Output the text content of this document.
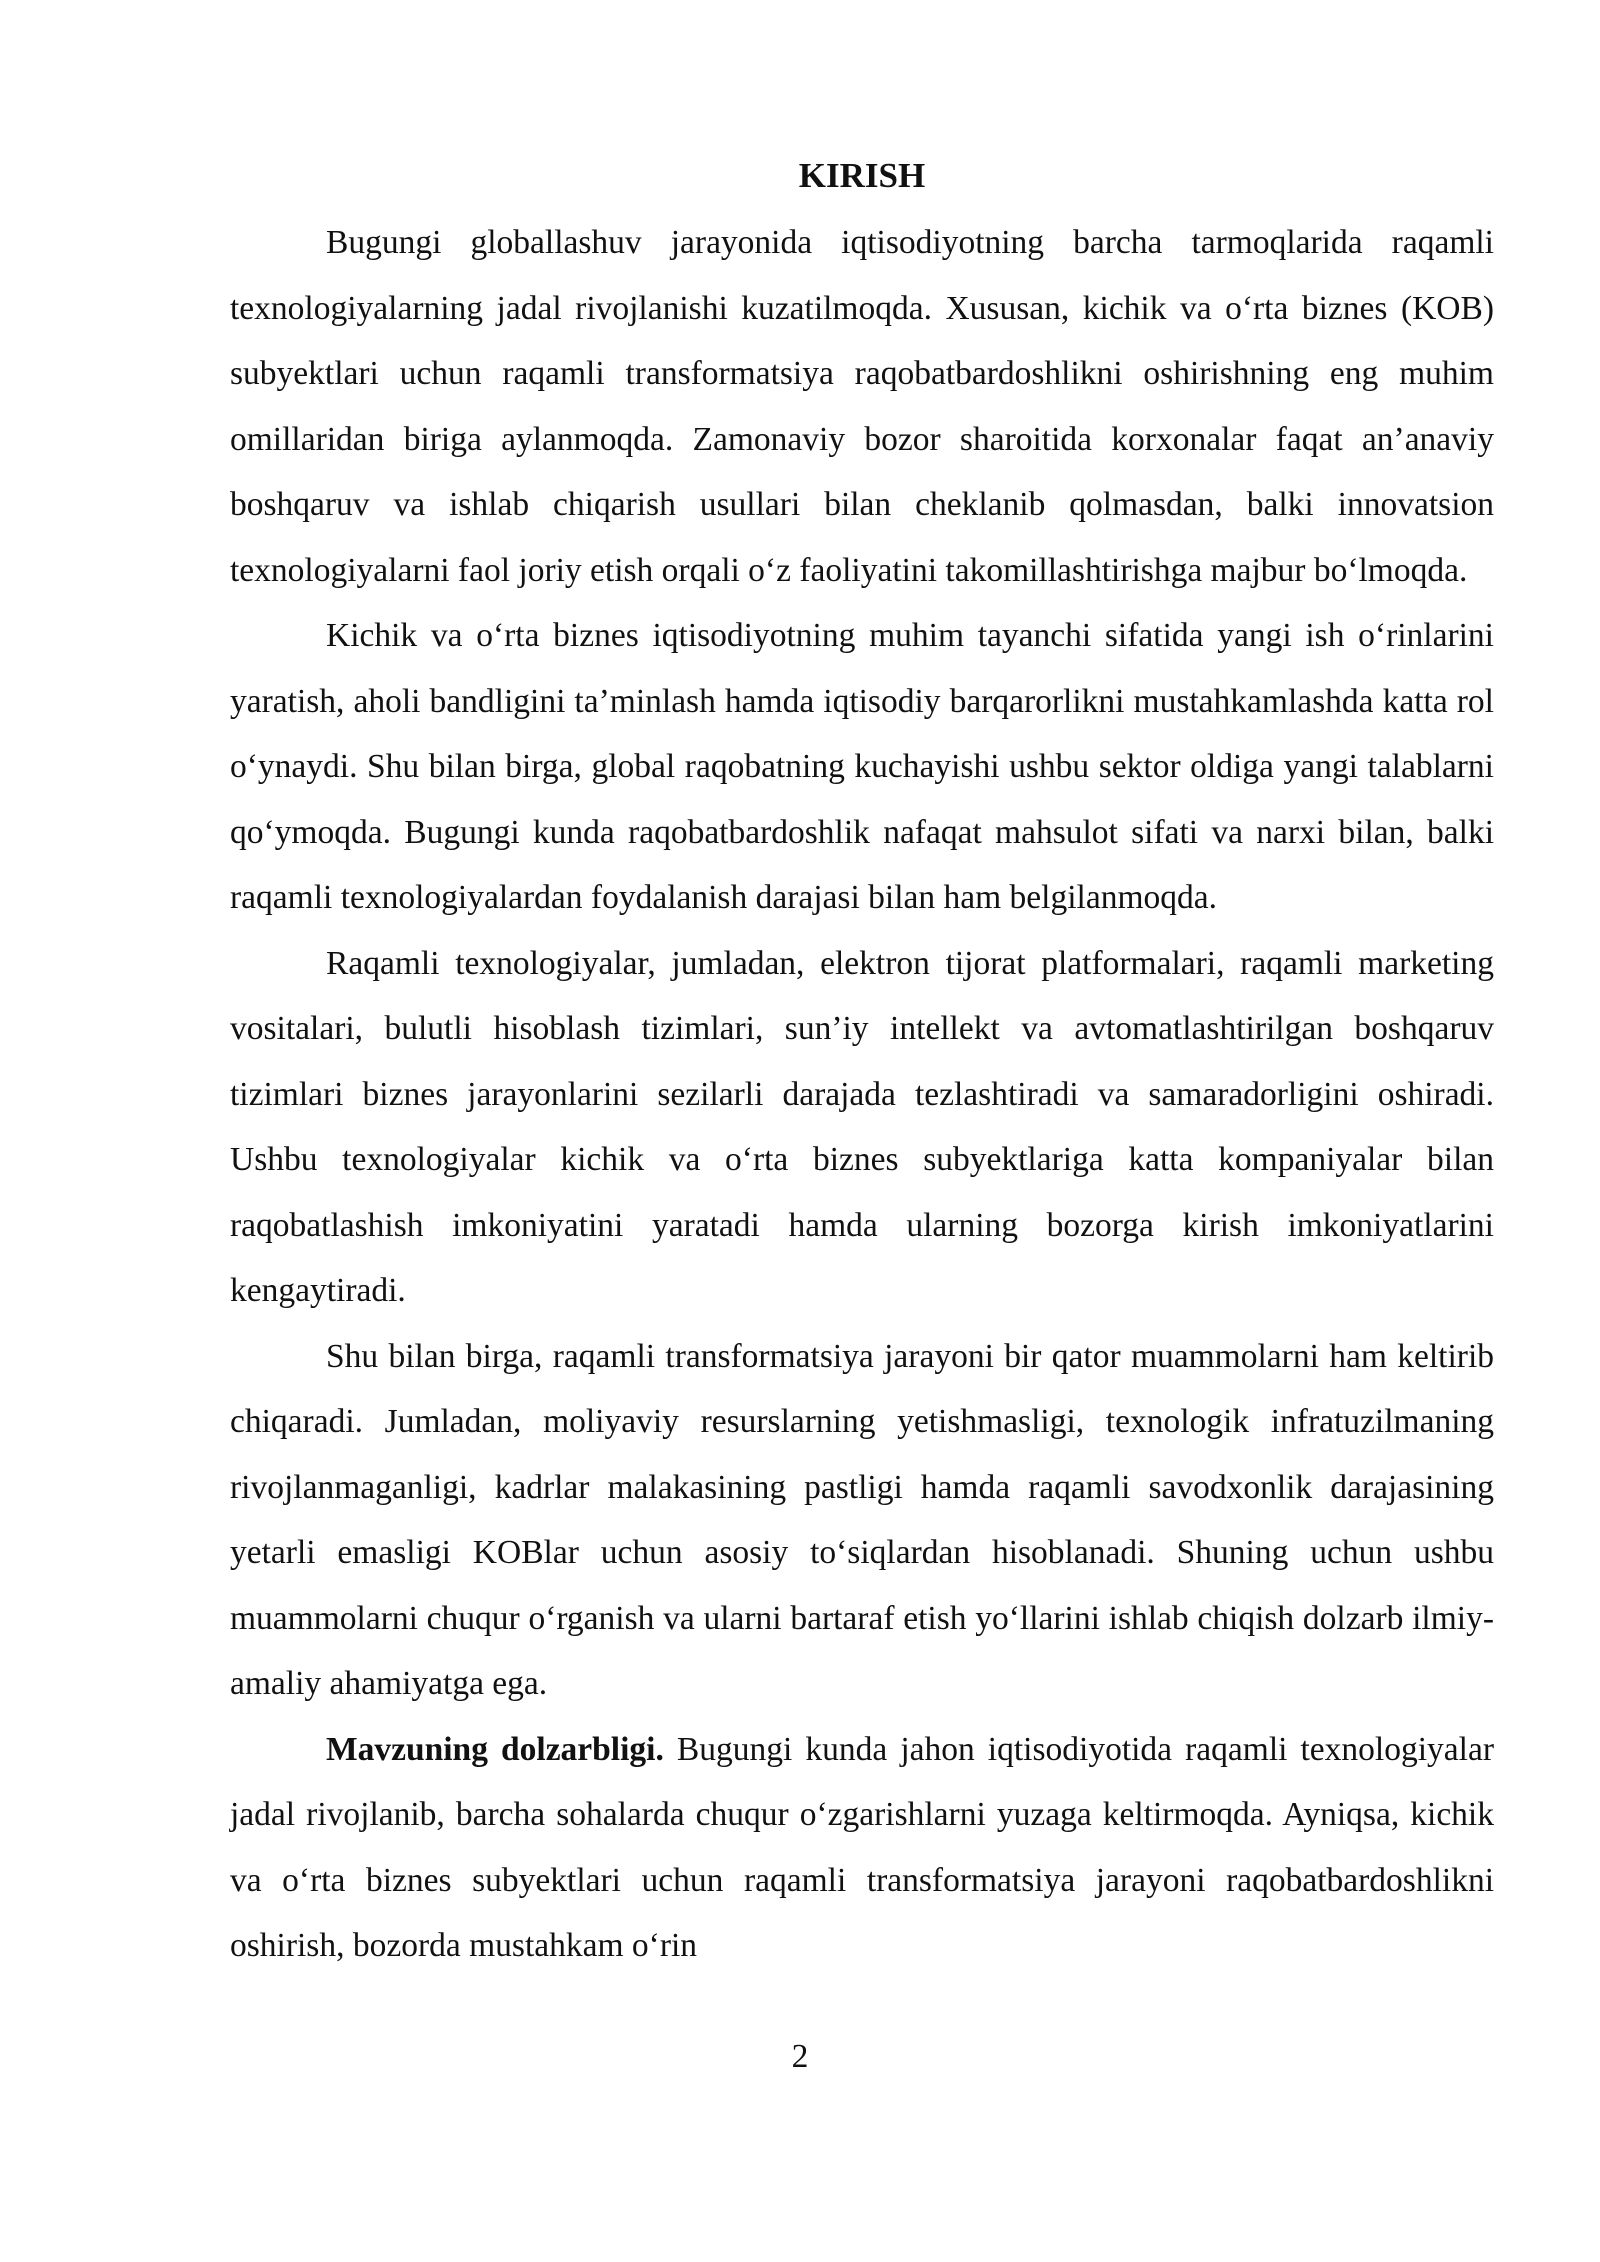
KIRISH

Bugungi globallashuv jarayonida iqtisodiyotning barcha tarmoqlarida raqamli texnologiyalarning jadal rivojlanishi kuzatilmoqda. Xususan, kichik va o‘rta biznes (KOB) subyektlari uchun raqamli transformatsiya raqobatbardoshlikni oshirishning eng muhim omillaridan biriga aylanmoqda. Zamonaviy bozor sharoitida korxonalar faqat an’anaviy boshqaruv va ishlab chiqarish usullari bilan cheklanib qolmasdan, balki innovatsion texnologiyalarni faol joriy etish orqali o‘z faoliyatini takomillashtirishga majbur bo‘lmoqda.

Kichik va o‘rta biznes iqtisodiyotning muhim tayanchi sifatida yangi ish o‘rinlarini yaratish, aholi bandligini ta’minlash hamda iqtisodiy barqarorlikni mustahkamlashda katta rol o‘ynaydi. Shu bilan birga, global raqobatning kuchayishi ushbu sektor oldiga yangi talablarni qo‘ymoqda. Bugungi kunda raqobatbardoshlik nafaqat mahsulot sifati va narxi bilan, balki raqamli texnologiyalardan foydalanish darajasi bilan ham belgilanmoqda.

Raqamli texnologiyalar, jumladan, elektron tijorat platformalari, raqamli marketing vositalari, bulutli hisoblash tizimlari, sun’iy intellekt va avtomatlashtirilgan boshqaruv tizimlari biznes jarayonlarini sezilarli darajada tezlashtiradi va samaradorligini oshiradi. Ushbu texnologiyalar kichik va o‘rta biznes subyektlariga katta kompaniyalar bilan raqobatlashish imkoniyatini yaratadi hamda ularning bozorga kirish imkoniyatlarini kengaytiradi.

Shu bilan birga, raqamli transformatsiya jarayoni bir qator muammolarni ham keltirib chiqaradi. Jumladan, moliyaviy resurslarning yetishmasligi, texnologik infratuzilmaning rivojlanmaganligi, kadrlar malakasining pastligi hamda raqamli savodxonlik darajasining yetarli emasligi KOBlar uchun asosiy to‘siqlardan hisoblanadi. Shuning uchun ushbu muammolarni chuqur o‘rganish va ularni bartaraf etish yo‘llarini ishlab chiqish dolzarb ilmiy-amaliy ahamiyatga ega.

Mavzuning dolzarbligi. Bugungi kunda jahon iqtisodiyotida raqamli texnologiyalar jadal rivojlanib, barcha sohalarda chuqur o‘zgarishlarni yuzaga keltirmoqda. Ayniqsa, kichik va o‘rta biznes subyektlari uchun raqamli transformatsiya jarayoni raqobatbardoshlikni oshirish, bozorda mustahkam o‘rin

2
